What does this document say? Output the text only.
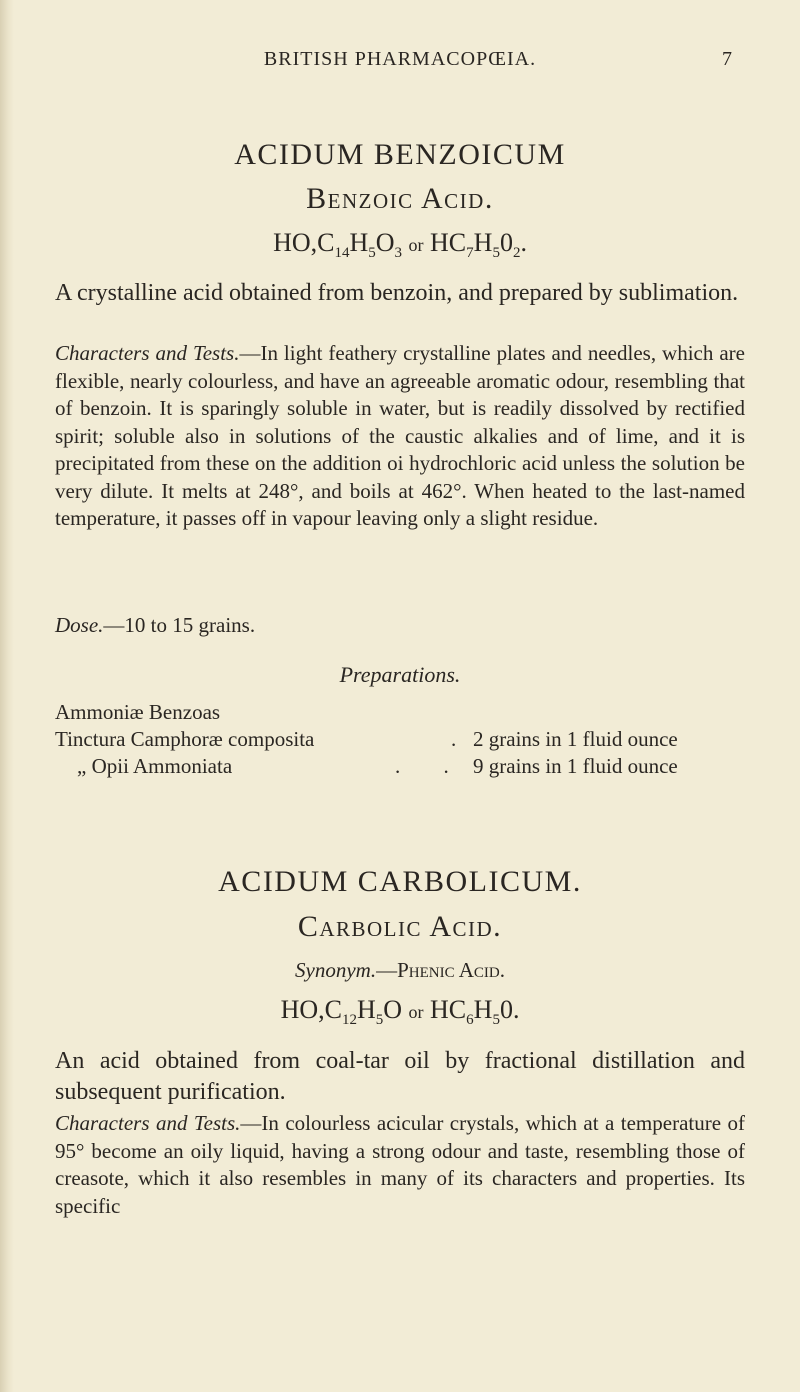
BRITISH PHARMACOPŒIA.	7
ACIDUM BENZOICUM
Benzoic Acid.
$HO,C_{14}H_5O_3$ or $HC_7H_50_2$.

A crystalline acid obtained from benzoin, and prepared by sublimation.

Characters and Tests.—In light feathery crystalline plates and needles, which are flexible, nearly colourless, and have an agreeable aromatic odour, resembling that of benzoin. It is sparingly soluble in water, but is readily dissolved by rectified spirit; soluble also in solutions of the caustic alkalies and of lime, and it is precipitated from these on the addition oi hydrochloric acid unless the solution be very dilute. It melts at 248°, and boils at 462°. When heated to the last-named temperature, it passes off in vapour leaving only a slight residue.

Dose.—10 to 15 grains.

Preparations.
Ammoniæ Benzoas
Tinctura Camphoræ composita	. 2 grains in 1 fluid ounce
„ Opii Ammoniata	. . 9 grains in 1 fluid ounce
ACIDUM CARBOLICUM.
Carbolic Acid.
Synonym.—Phenic Acid.
$HO,C_{12}H_5O$ or $HC_6H_50$.

An acid obtained from coal-tar oil by fractional distillation and subsequent purification.

Characters and Tests.—In colourless acicular crystals, which at a temperature of 95° become an oily liquid, having a strong odour and taste, resembling those of creasote, which it also resembles in many of its characters and properties. Its specific
